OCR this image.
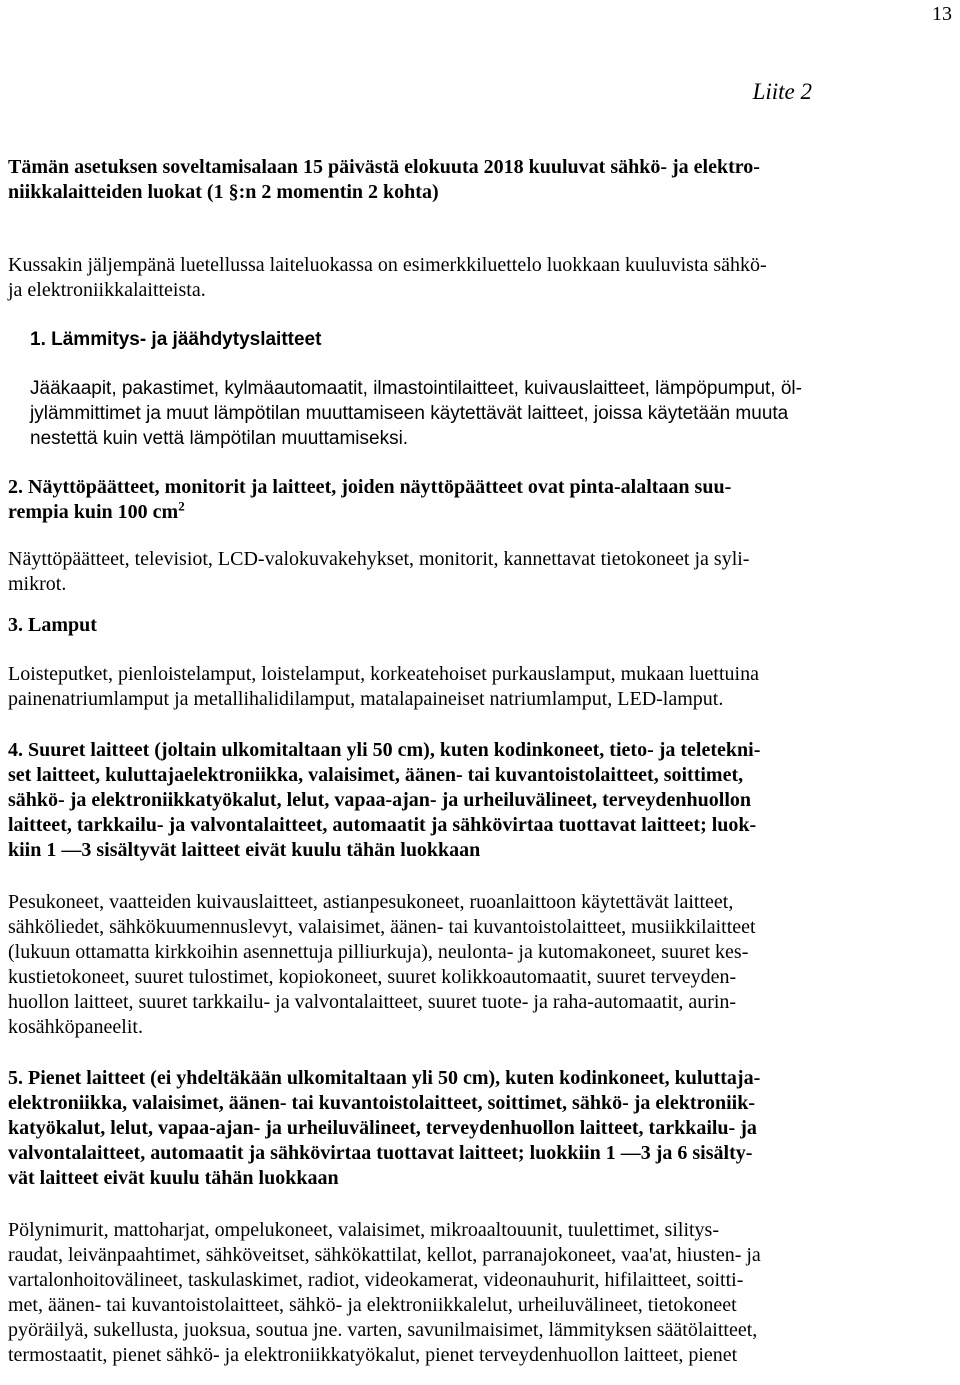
13
Liite 2

Tämän asetuksen soveltamisalaan 15 päivästä elokuuta 2018 kuuluvat sähkö- ja elektro-
niikkalaitteiden luokat (1 §:n 2 momentin 2 kohta)

Kussakin jäljempänä luetellussa laiteluokassa on esimerkkiluettelo luokkaan kuuluvista sähkö-
ja elektroniikkalaitteista.

1. Lämmitys- ja jäähdytyslaitteet

Jääkaapit, pakastimet, kylmäautomaatit, ilmastointilaitteet, kuivauslaitteet, lämpöpumput, öl-
jylämmittimet ja muut lämpötilan muuttamiseen käytettävät laitteet, joissa käytetään muuta
nestettä kuin vettä lämpötilan muuttamiseksi.

2. Näyttöpäätteet, monitorit ja laitteet, joiden näyttöpäätteet ovat pinta-alaltaan suu-
rempia kuin 100 $cm^2$

Näyttöpäätteet, televisiot, LCD-valokuvakehykset, monitorit, kannettavat tietokoneet ja syli-
mikrot.

3. Lamput

Loisteputket, pienloistelamput, loistelamput, korkeatehoiset purkauslamput, mukaan luettuina
painenatriumlamput ja metallihalidilamput, matalapaineiset natriumlamput, LED-lamput.

4. Suuret laitteet (joltain ulkomitaltaan yli 50 cm), kuten kodinkoneet, tieto- ja teletekni-
set laitteet, kuluttajaelektroniikka, valaisimet, äänen- tai kuvantoistolaitteet, soittimet,
sähkö- ja elektroniikkatyökalut, lelut, vapaa-ajan- ja urheiluvälineet, terveydenhuollon
laitteet, tarkkailu- ja valvontalaitteet, automaatit ja sähkövirtaa tuottavat laitteet; luok-
kiin 1 —3 sisältyvät laitteet eivät kuulu tähän luokkaan

Pesukoneet, vaatteiden kuivauslaitteet, astianpesukoneet, ruoanlaittoon käytettävät laitteet,
sähköliedet, sähkökuumennuslevyt, valaisimet, äänen- tai kuvantoistolaitteet, musiikkilaitteet
(lukuun ottamatta kirkkoihin asennettuja pilliurkuja), neulonta- ja kutomakoneet, suuret kes-
kustietokoneet, suuret tulostimet, kopiokoneet, suuret kolikkoautomaatit, suuret terveyden-
huollon laitteet, suuret tarkkailu- ja valvontalaitteet, suuret tuote- ja raha-automaatit, aurin-
kosähköpaneelit.

5. Pienet laitteet (ei yhdeltäkään ulkomitaltaan yli 50 cm), kuten kodinkoneet, kuluttaja-
elektroniikka, valaisimet, äänen- tai kuvantoistolaitteet, soittimet, sähkö- ja elektroniik-
katyökalut, lelut, vapaa-ajan- ja urheiluvälineet, terveydenhuollon laitteet, tarkkailu- ja
valvontalaitteet, automaatit ja sähkövirtaa tuottavat laitteet; luokkiin 1 —3 ja 6 sisälty-
vät laitteet eivät kuulu tähän luokkaan

Pölynimurit, mattoharjat, ompelukoneet, valaisimet, mikroaaltouunit, tuulettimet, silitys-
raudat, leivänpaahtimet, sähköveitset, sähkökattilat, kellot, parranajokoneet, vaa'at, hiusten- ja
vartalonhoitovälineet, taskulaskimet, radiot, videokamerat, videonauhurit, hifilaitteet, soitti-
met, äänen- tai kuvantoistolaitteet, sähkö- ja elektroniikkalelut, urheiluvälineet, tietokoneet
pyöräilyä, sukellusta, juoksua, soutua jne. varten, savunilmaisimet, lämmityksen säätölaitteet,
termostaatit, pienet sähkö- ja elektroniikkatyökalut, pienet terveydenhuollon laitteet, pienet
